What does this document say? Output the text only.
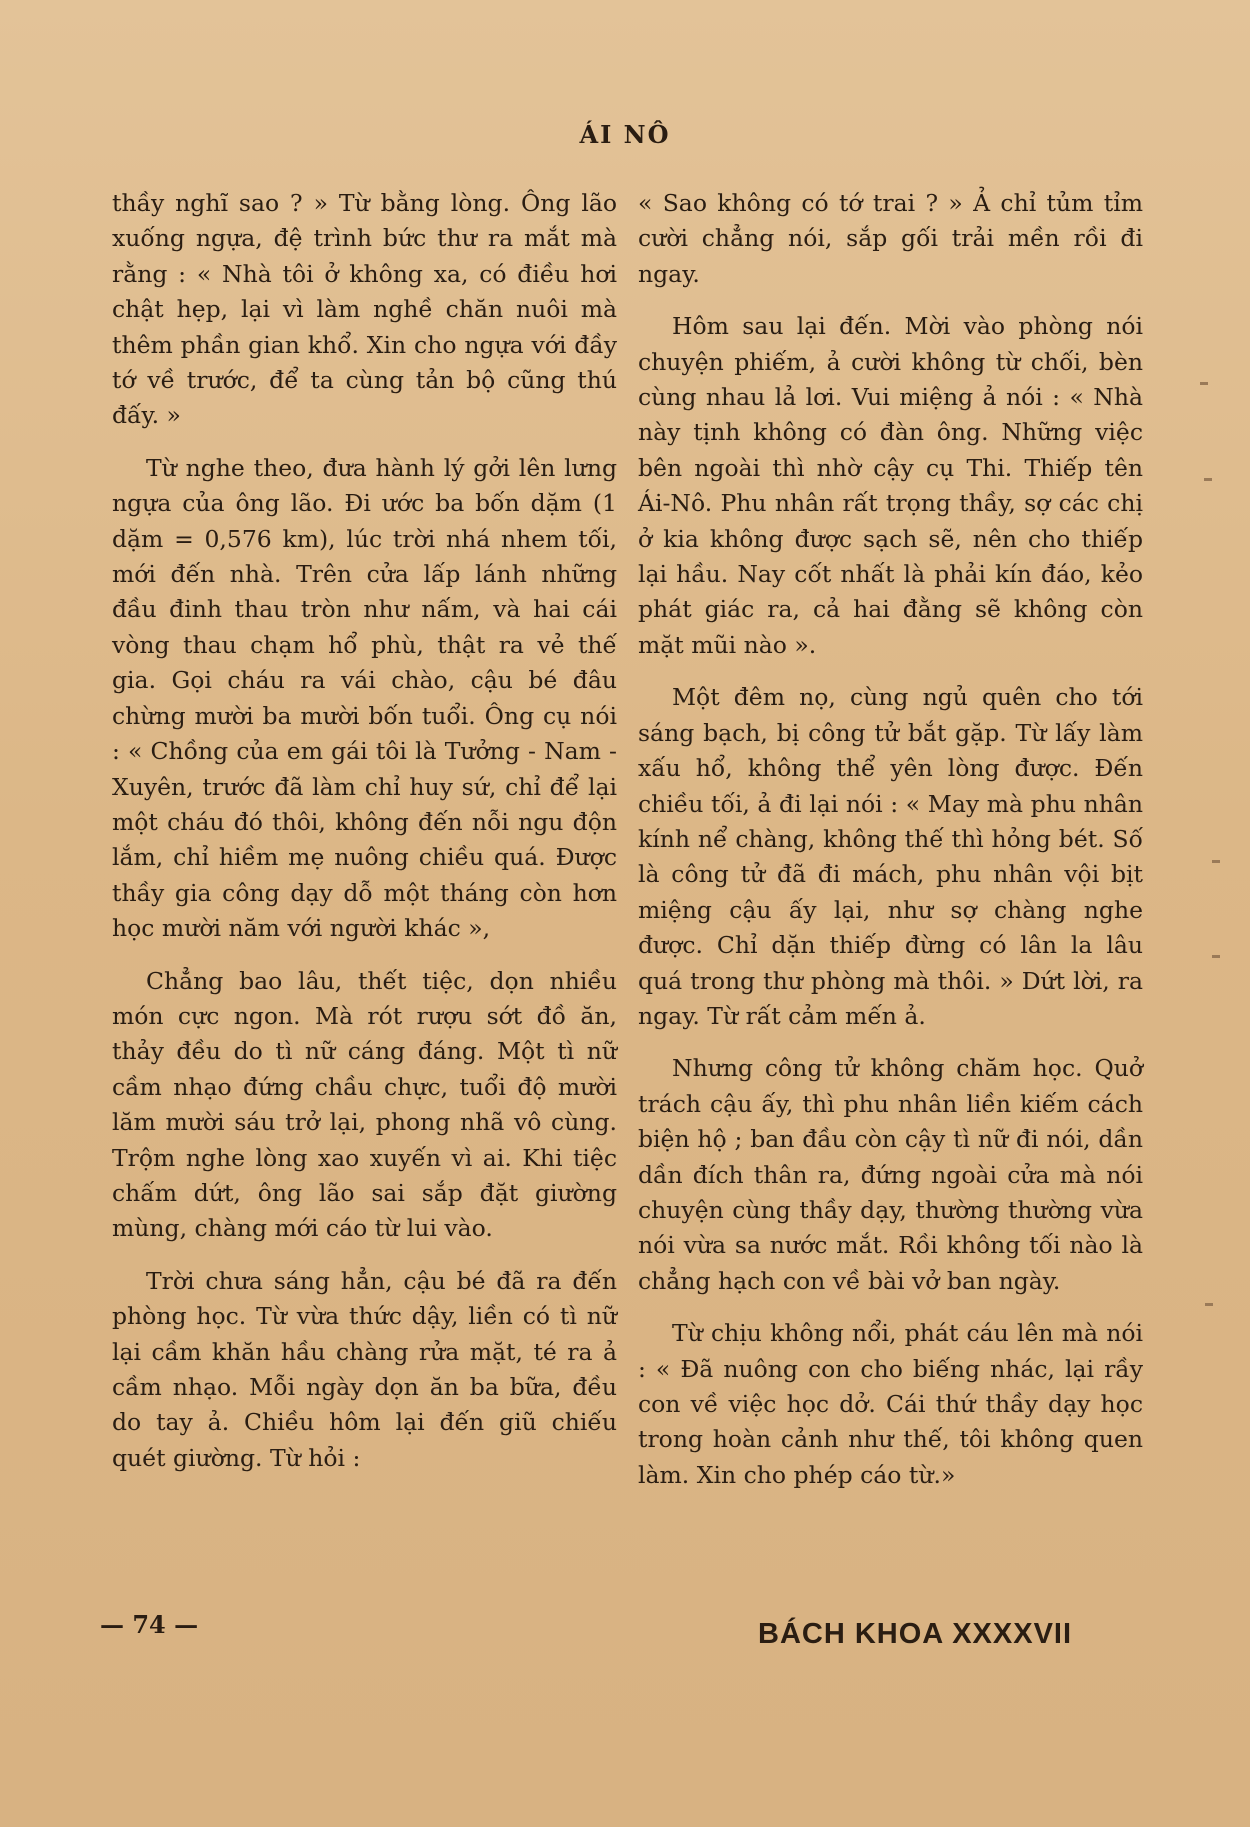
ÁI NÔ

thầy nghĩ sao ? » Từ bằng lòng. Ông lão xuống ngựa, đệ trình bức thư ra mắt mà rằng : « Nhà tôi ở không xa, có điều hơi chật hẹp, lại vì làm nghề chăn nuôi mà thêm phần gian khổ. Xin cho ngựa với đầy tớ về trước, để ta cùng tản bộ cũng thú đấy. »

Từ nghe theo, đưa hành lý gởi lên lưng ngựa của ông lão. Đi ước ba bốn dặm (1 dặm = 0,576 km), lúc trời nhá nhem tối, mới đến nhà. Trên cửa lấp lánh những đầu đinh thau tròn như nấm, và hai cái vòng thau chạm hổ phù, thật ra vẻ thế gia. Gọi cháu ra vái chào, cậu bé đâu chừng mười ba mười bốn tuổi. Ông cụ nói : « Chồng của em gái tôi là Tưởng - Nam - Xuyên, trước đã làm chỉ huy sứ, chỉ để lại một cháu đó thôi, không đến nỗi ngu độn lắm, chỉ hiềm mẹ nuông chiều quá. Được thầy gia công dạy dỗ một tháng còn hơn học mười năm với người khác »,

Chẳng bao lâu, thết tiệc, dọn nhiều món cực ngon. Mà rót rượu sớt đồ ăn, thảy đều do tì nữ cáng đáng. Một tì nữ cầm nhạo đứng chầu chực, tuổi độ mười lăm mười sáu trở lại, phong nhã vô cùng. Trộm nghe lòng xao xuyến vì ai. Khi tiệc chấm dứt, ông lão sai sắp đặt giường mùng, chàng mới cáo từ lui vào.

Trời chưa sáng hẳn, cậu bé đã ra đến phòng học. Từ vừa thức dậy, liền có tì nữ lại cầm khăn hầu chàng rửa mặt, té ra ả cầm nhạo. Mỗi ngày dọn ăn ba bữa, đều do tay ả. Chiều hôm lại đến giũ chiếu quét giường. Từ hỏi :

« Sao không có tớ trai ? » Ả chỉ tủm tỉm cười chẳng nói, sắp gối trải mền rồi đi ngay.

Hôm sau lại đến. Mời vào phòng nói chuyện phiếm, ả cười không từ chối, bèn cùng nhau lả lơi. Vui miệng ả nói : « Nhà này tịnh không có đàn ông. Những việc bên ngoài thì nhờ cậy cụ Thi. Thiếp tên Ái-Nô. Phu nhân rất trọng thầy, sợ các chị ở kia không được sạch sẽ, nên cho thiếp lại hầu. Nay cốt nhất là phải kín đáo, kẻo phát giác ra, cả hai đằng sẽ không còn mặt mũi nào ».

Một đêm nọ, cùng ngủ quên cho tới sáng bạch, bị công tử bắt gặp. Từ lấy làm xấu hổ, không thể yên lòng được. Đến chiều tối, ả đi lại nói : « May mà phu nhân kính nể chàng, không thế thì hỏng bét. Số là công tử đã đi mách, phu nhân vội bịt miệng cậu ấy lại, như sợ chàng nghe được. Chỉ dặn thiếp đừng có lân la lâu quá trong thư phòng mà thôi. » Dứt lời, ra ngay. Từ rất cảm mến ả.

Nhưng công tử không chăm học. Quở trách cậu ấy, thì phu nhân liền kiếm cách biện hộ ; ban đầu còn cậy tì nữ đi nói, dần dần đích thân ra, đứng ngoài cửa mà nói chuyện cùng thầy dạy, thường thường vừa nói vừa sa nước mắt. Rồi không tối nào là chẳng hạch con về bài vở ban ngày.

Từ chịu không nổi, phát cáu lên mà nói : « Đã nuông con cho biếng nhác, lại rầy con về việc học dở. Cái thứ thầy dạy học trong hoàn cảnh như thế, tôi không quen làm. Xin cho phép cáo từ.»

— 74 —	BÁCH KHOA XXXXVII
